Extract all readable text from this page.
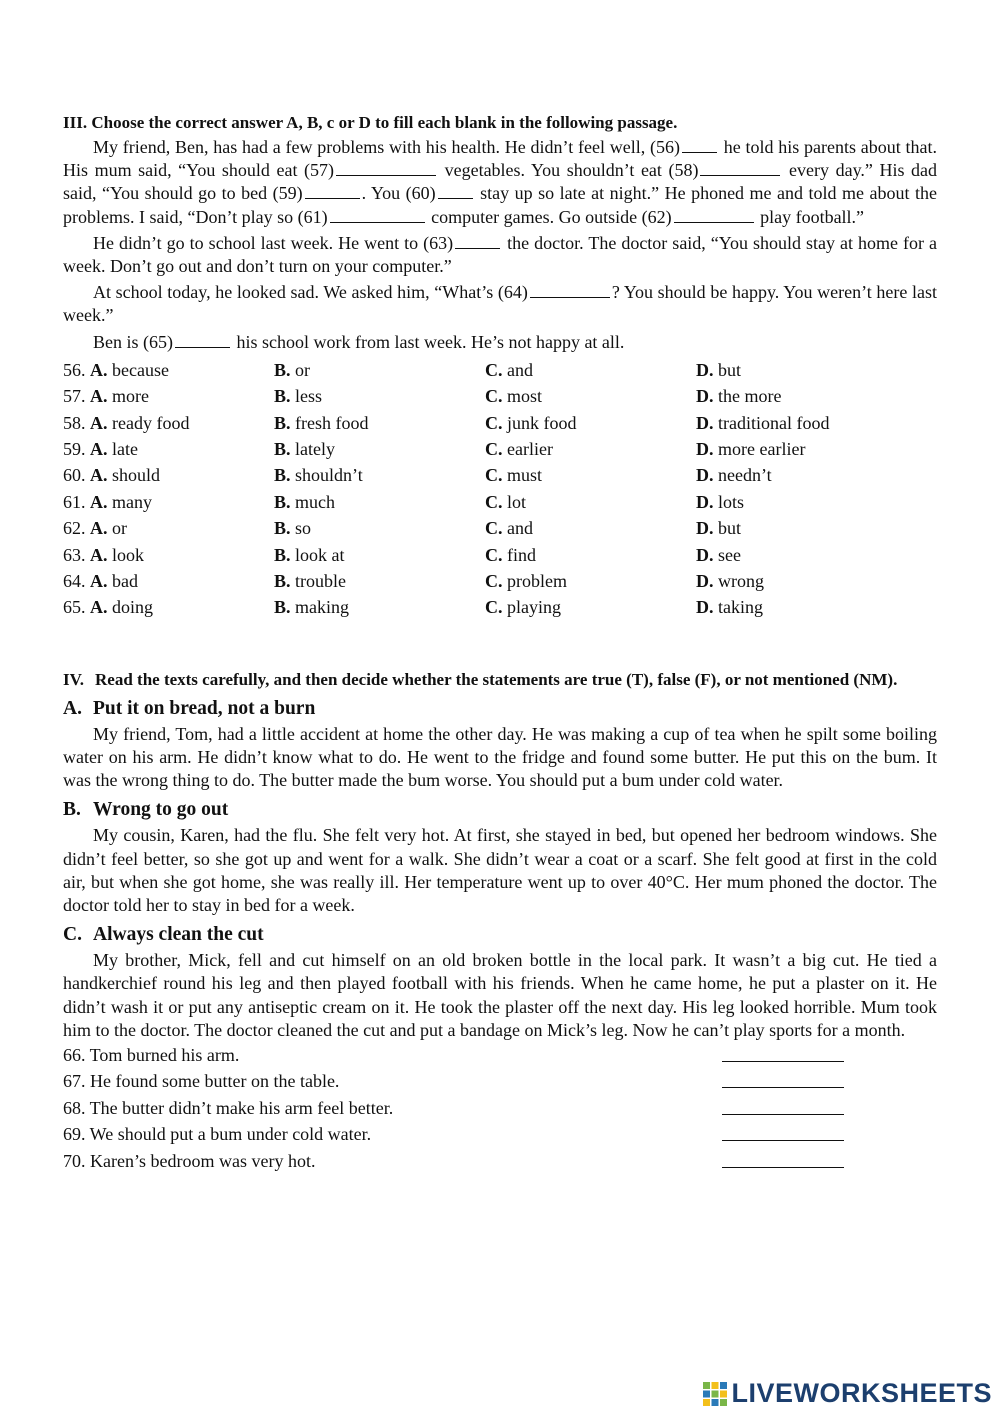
III. Choose the correct answer A, B, c or D to fill each blank in the following passage.

My friend, Ben, has had a few problems with his health. He didn’t feel well, (56) he told his parents about that. His mum said, “You should eat (57)	vegetables. You shouldn’t eat (58)	every day.” His dad said, “You should go to bed (59)	. You (60) stay up so late at night.” He phoned me and told me about the problems. I said, “Don’t play so (61)	computer games. Go outside (62)	play football.”

He didn’t go to school last week. He went to (63)	the doctor. The doctor said, “You should stay at home for a week. Don’t go out and don’t turn on your computer.”

At school today, he looked sad. We asked him, “What’s (64)	? You should be happy. You weren’t here last week.”

Ben is (65)	his school work from last week. He’s not happy at all.

56. A. because	B. or	C. and	D. but
57. A. more	B. less	C. most	D. the more
58. A. ready food	B. fresh food	C. junk food	D. traditional food
59. A. late	B. lately	C. earlier	D. more earlier
60. A. should	B. shouldn’t	C. must	D. needn’t
61. A. many	B. much	C. lot	D. lots
62. A. or	B. so	C. and	D. but
63. A. look	B. look at	C. find	D. see
64. A. bad	B. trouble	C. problem	D. wrong
65. A. doing	B. making	C. playing	D. taking
IV. Read the texts carefully, and then decide whether the statements are true (T), false (F), or not mentioned (NM).
A. Put it on bread, not a burn

My friend, Tom, had a little accident at home the other day. He was making a cup of tea when he spilt some boiling water on his arm. He didn’t know what to do. He went to the fridge and found some butter. He put this on the bum. It was the wrong thing to do. The butter made the bum worse. You should put a bum under cold water.

B. Wrong to go out

My cousin, Karen, had the flu. She felt very hot. At first, she stayed in bed, but opened her bedroom windows. She didn’t feel better, so she got up and went for a walk. She didn’t wear a coat or a scarf. She felt good at first in the cold air, but when she got home, she was really ill. Her temperature went up to over 40°C. Her mum phoned the doctor. The doctor told her to stay in bed for a week.

C. Always clean the cut

My brother, Mick, fell and cut himself on an old broken bottle in the local park. It wasn’t a big cut. He tied a handkerchief round his leg and then played football with his friends. When he came home, he put a plaster on it. He didn’t wash it or put any antiseptic cream on it. He took the plaster off the next day. His leg looked horrible. Mum took him to the doctor. The doctor cleaned the cut and put a bandage on Mick’s leg. Now he can’t play sports for a month.

66. Tom burned his arm.
67. He found some butter on the table.
68. The butter didn’t make his arm feel better.
69. We should put a bum under cold water.
70. Karen’s bedroom was very hot.
LIVEWORKSHEETS
